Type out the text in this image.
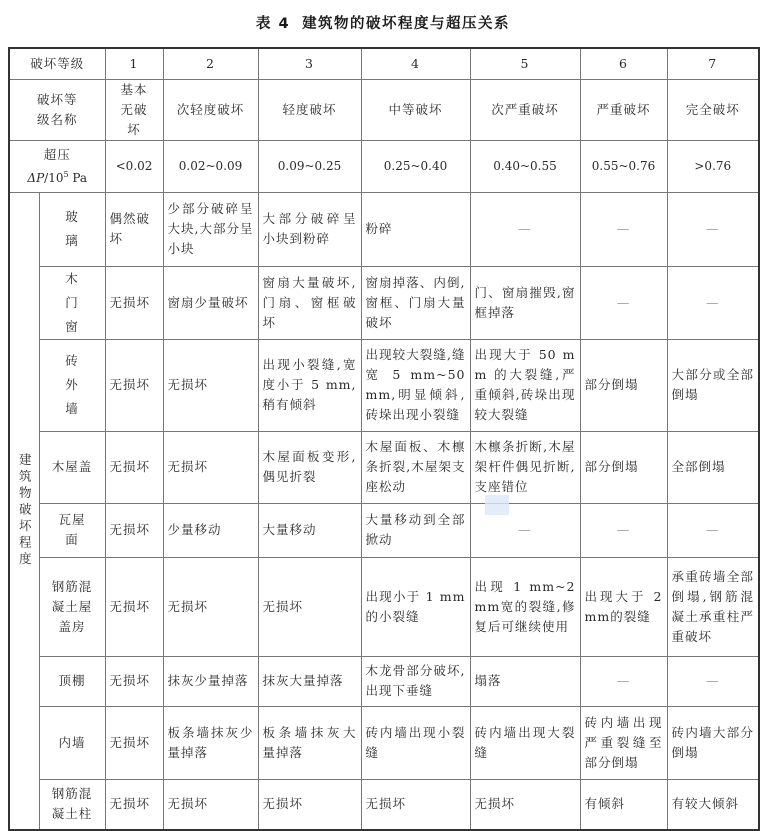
表 4 建筑物的破坏程度与超压关系
破坏等级		1	2	3	4	5	6	7
破坏等级名称		基本无破坏	次轻度破坏	轻度破坏	中等破坏	次严重破坏	严重破坏	完全破坏

超压
$\Delta P/10^5$ Pa		<0.02	0.02~0.09	0.09~0.25	0.25~0.40	0.40~0.55	0.55~0.76	>0.76

建筑物破坏程度	玻璃	偶然破坏	少部分破碎呈大块,大部分呈小块	大部分破碎呈小块到粉碎	粉碎	—	—	—
	木门窗	无损坏	窗扇少量破坏	窗扇大量破坏,门扇、窗框破坏	窗扇掉落、内倒,窗框、门扇大量破坏	门、窗扇摧毁,窗框掉落	—	—
	砖外墙	无损坏	无损坏	出现小裂缝,宽度小于 5 mm,稍有倾斜	出现较大裂缝,缝宽 5 mm~50 mm,明显倾斜,砖垛出现小裂缝	出现大于 50 mm 的大裂缝,严重倾斜,砖垛出现较大裂缝	部分倒塌	大部分或全部倒塌
	木屋盖	无损坏	无损坏	木屋面板变形,偶见折裂	木屋面板、木檩条折裂,木屋架支座松动	木檩条折断,木屋架杆件偶见折断,支座错位	部分倒塌	全部倒塌
	瓦屋面	无损坏	少量移动	大量移动	大量移动到全部掀动	—	—	—
	钢筋混凝土屋盖房	无损坏	无损坏	无损坏	出现小于 1 mm 的小裂缝	出现 1 mm~2 mm宽的裂缝,修复后可继续使用	出现大于 2 mm的裂缝	承重砖墙全部倒塌,钢筋混凝土承重柱严重破坏
	顶棚	无损坏	抹灰少量掉落	抹灰大量掉落	木龙骨部分破坏,出现下垂缝	塌落	—	—
	内墙	无损坏	板条墙抹灰少量掉落	板条墙抹灰大量掉落	砖内墙出现小裂缝	砖内墙出现大裂缝	砖内墙出现严重裂缝至部分倒塌	砖内墙大部分倒塌
	钢筋混凝土柱	无损坏	无损坏	无损坏	无损坏	无损坏	有倾斜	有较大倾斜
